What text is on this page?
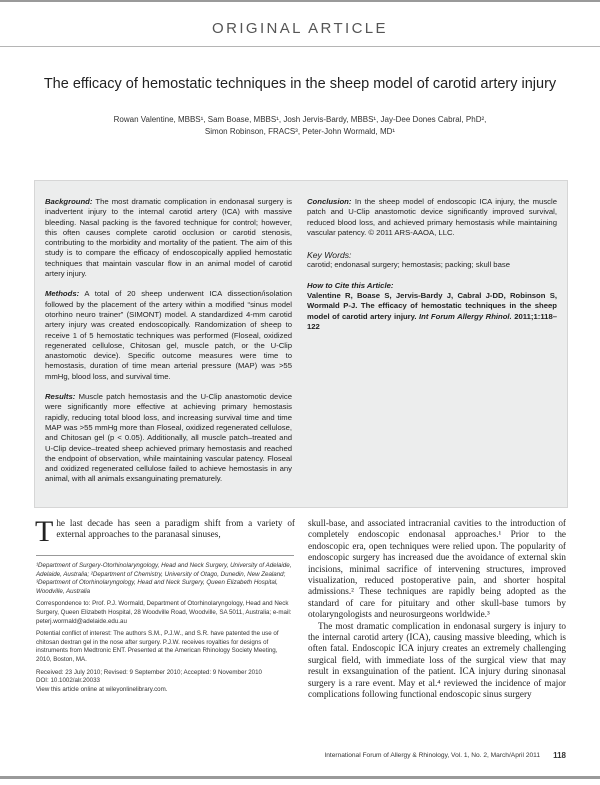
ORIGINAL ARTICLE
The efficacy of hemostatic techniques in the sheep model of carotid artery injury
Rowan Valentine, MBBS¹, Sam Boase, MBBS¹, Josh Jervis-Bardy, MBBS¹, Jay-Dee Dones Cabral, PhD²,
Simon Robinson, FRACS³, Peter-John Wormald, MD¹

Background: The most dramatic complication in endonasal surgery is inadvertent injury to the internal carotid artery (ICA) with massive bleeding. Nasal packing is the favored technique for control; however, this often causes complete carotid occlusion or carotid stenosis, contributing to the morbidity and mortality of the patient. The aim of this study is to compare the efficacy of endoscopically applied hemostatic techniques that maintain vascular flow in an animal model of carotid artery injury.

Methods: A total of 20 sheep underwent ICA dissection/isolation followed by the placement of the artery within a modified “sinus model otorhino neuro trainer” (SIMONT) model. A standardized 4-mm carotid artery injury was created endoscopically. Randomization of sheep to receive 1 of 5 hemostatic techniques was performed (Floseal, oxidized regenerated cellulose, Chitosan gel, muscle patch, or the U-Clip anastomotic device). Specific outcome measures were time to hemostasis, duration of time mean arterial pressure (MAP) was >55 mmHg, blood loss, and survival time.

Results: Muscle patch hemostasis and the U-Clip anastomotic device were significantly more effective at achieving primary hemostasis rapidly, reducing total blood loss, and increasing survival time and time MAP was >55 mmHg more than Floseal, oxidized regenerated cellulose, and Chitosan gel (p < 0.05). Additionally, all muscle patch–treated and U-Clip device–treated sheep achieved primary hemostasis and reached the endpoint of observation, while maintaining vascular patency. Floseal and oxidized regenerated cellulose failed to achieve hemostasis in any animal, with all animals exsanguinating prematurely.

Conclusion: In the sheep model of endoscopic ICA injury, the muscle patch and U-Clip anastomotic device significantly improved survival, reduced blood loss, and achieved primary hemostasis while maintaining vascular patency. © 2011 ARS-AAOA, LLC.

Key Words:

carotid; endonasal surgery; hemostasis; packing; skull base

How to Cite this Article:

Valentine R, Boase S, Jervis-Bardy J, Cabral J-DD, Robinson S, Wormald P-J. The efficacy of hemostatic techniques in the sheep model of carotid artery injury. Int Forum Allergy Rhinol. 2011;1:118–122

The last decade has seen a paradigm shift from a variety of external approaches to the paranasal sinuses,

¹Department of Surgery-Otorhinolaryngology, Head and Neck Surgery, University of Adelaide, Adelaide, Australia; ²Department of Chemistry, University of Otago, Dunedin, New Zealand; ³Department of Otorhinolaryngology, Head and Neck Surgery, Queen Elizabeth Hospital, Woodville, Australia

Correspondence to: Prof. P.J. Wormald, Department of Otorhinolaryngology, Head and Neck Surgery, Queen Elizabeth Hospital, 28 Woodville Road, Woodville, SA 5011, Australia; e-mail: peterj.wormald@adelaide.edu.au

Potential conflict of interest: The authors S.M., P.J.W., and S.R. have patented the use of chitosan dextran gel in the nose after surgery. P.J.W. receives royalties for designs of instruments from Medtronic ENT. Presented at the American Rhinology Society Meeting, 2010, Boston, MA.

Received: 23 July 2010; Revised: 9 September 2010; Accepted: 9 November 2010

DOI: 10.1002/alr.20033

View this article online at wileyonlinelibrary.com.

skull-base, and associated intracranial cavities to the introduction of completely endoscopic endonasal approaches.¹ Prior to the endoscopic era, open techniques were relied upon. The popularity of endoscopic surgery has increased due the avoidance of external skin incisions, minimal sacrifice of intervening structures, improved visualization, reduced postoperative pain, and shorter hospital admissions.² These techniques are rapidly being adopted as the standard of care for pituitary and other skull-base tumors by otolaryngologists and neurosurgeons worldwide.³

The most dramatic complication in endonasal surgery is injury to the internal carotid artery (ICA), causing massive bleeding, which is often fatal. Endoscopic ICA injury creates an extremely challenging surgical field, with immediate loss of the surgical view that may result in exsanguination of the patient. ICA injury during sinonasal surgery is a rare event. May et al.⁴ reviewed the incidence of major complications following functional endoscopic sinus surgery

International Forum of Allergy & Rhinology, Vol. 1, No. 2, March/April 2011	118
